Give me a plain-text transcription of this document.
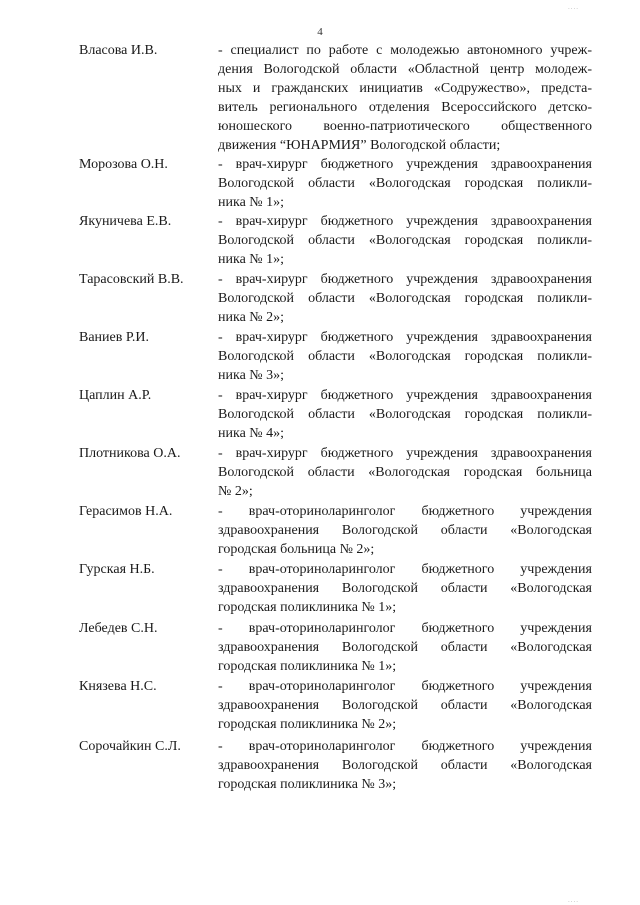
4
....
....
Власова И.В.	- специалист по работе с молодежью автономного учреж-
дения Вологодской области «Областной центр молодеж-
ных и гражданских инициатив «Содружество», предста-
витель регионального отделения Всероссийского детско-
юношеского военно-патриотического общественного
движения “ЮНАРМИЯ” Вологодской области;
Морозова О.Н.	- врач-хирург бюджетного учреждения здравоохранения
Вологодской области «Вологодская городская поликли-
ника № 1»;
Якуничева Е.В.	- врач-хирург бюджетного учреждения здравоохранения
Вологодской области «Вологодская городская поликли-
ника № 1»;
Тарасовский В.В. - врач-хирург бюджетного учреждения здравоохранения
Вологодской области «Вологодская городская поликли-
ника № 2»;
Ваниев Р.И.	- врач-хирург бюджетного учреждения здравоохранения
Вологодской области «Вологодская городская поликли-
ника № 3»;
Цаплин А.Р.	- врач-хирург бюджетного учреждения здравоохранения
Вологодской области «Вологодская городская поликли-
ника № 4»;
Плотникова О.А.	- врач-хирург бюджетного учреждения здравоохранения
Вологодской области «Вологодская городская больница
№ 2»;
Герасимов Н.А.	- врач-оториноларинголог бюджетного учреждения
здравоохранения Вологодской области «Вологодская
городская больница № 2»;
Гурская Н.Б.	- врач-оториноларинголог бюджетного учреждения
здравоохранения Вологодской области «Вологодская
городская поликлиника № 1»;
Лебедев С.Н.	- врач-оториноларинголог бюджетного учреждения
здравоохранения Вологодской области «Вологодская
городская поликлиника № 1»;
Князева Н.С.	- врач-оториноларинголог бюджетного учреждения
здравоохранения Вологодской области «Вологодская
городская поликлиника № 2»;
Сорочайкин С.Л.	- врач-оториноларинголог бюджетного учреждения
здравоохранения Вологодской области «Вологодская
городская поликлиника № 3»;
